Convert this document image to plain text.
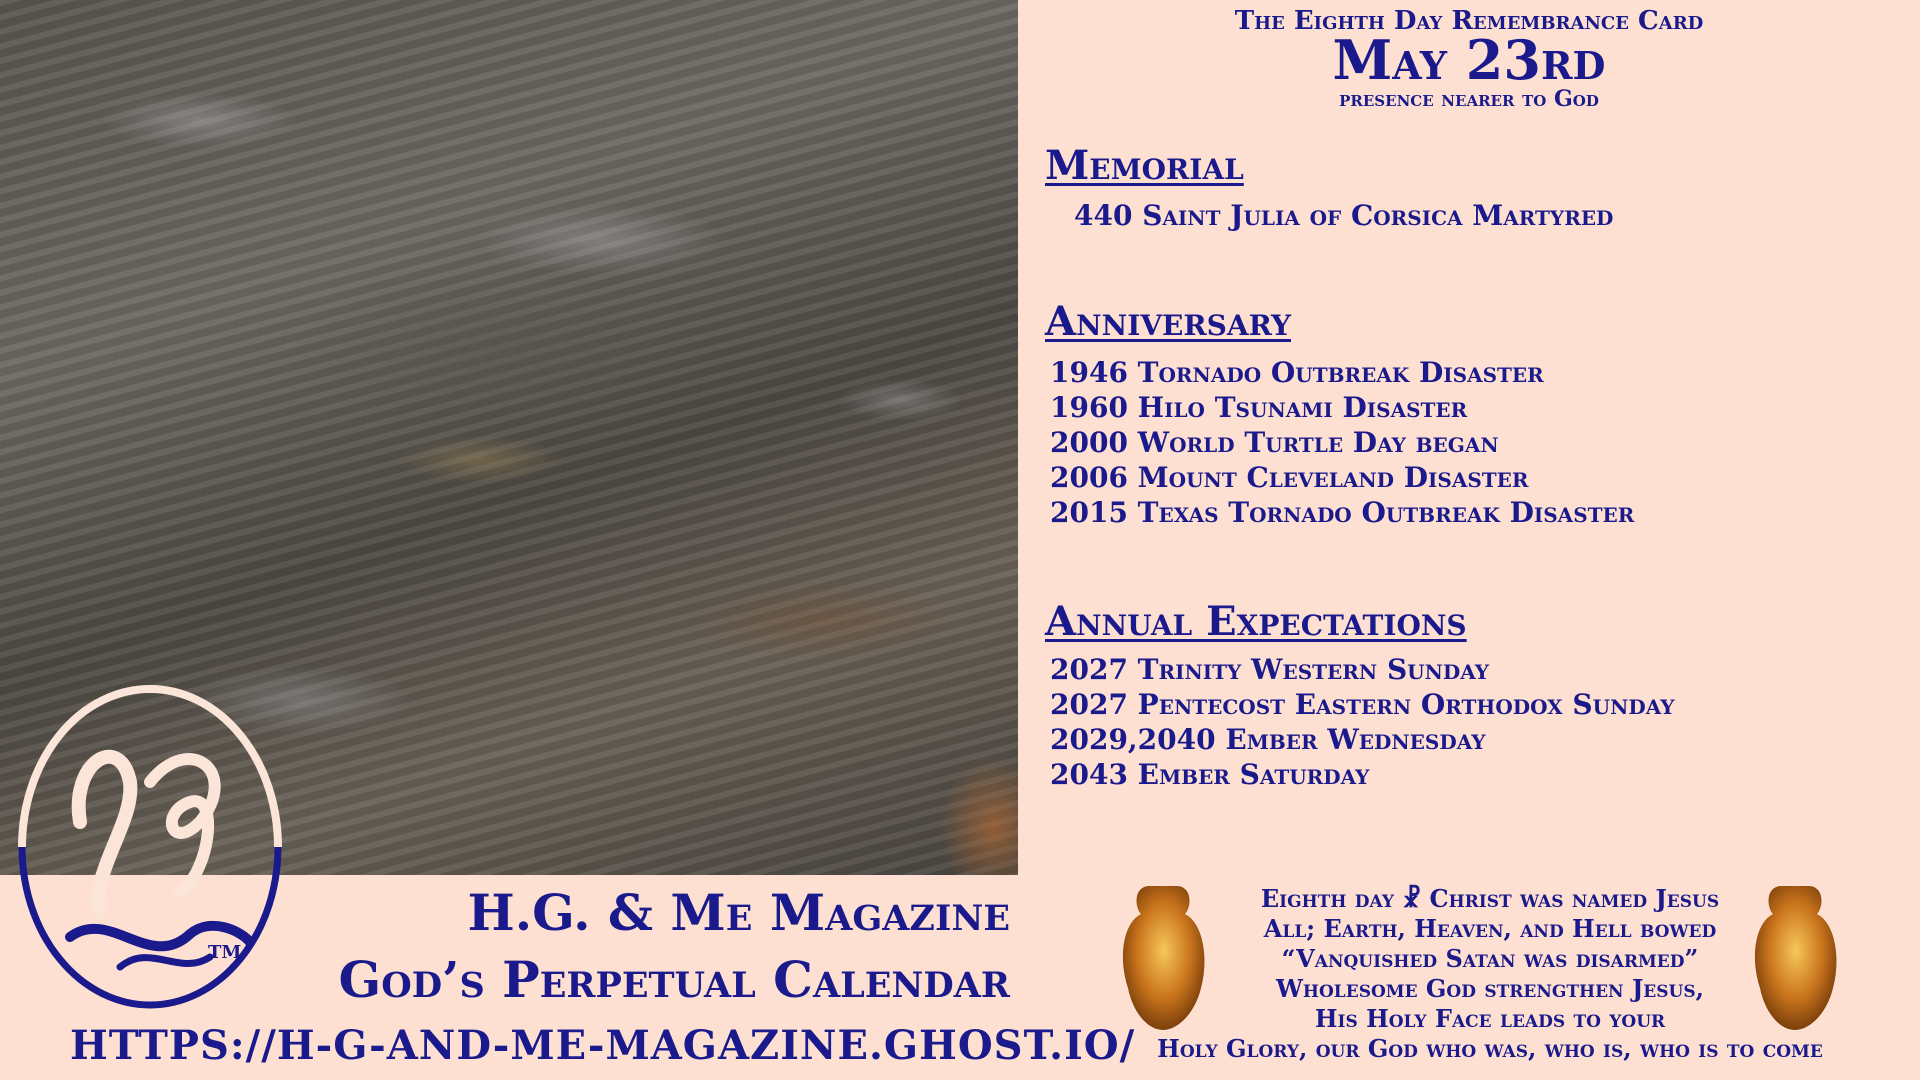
The Eighth Day Remembrance Card
May 23rd
presence nearer to God
Memorial
440 Saint Julia of Corsica Martyred
Anniversary
1946 Tornado Outbreak Disaster
1960 Hilo Tsunami Disaster
2000 World Turtle Day began
2006 Mount Cleveland Disaster
2015 Texas Tornado Outbreak Disaster
Annual Expectations
2027 Trinity Western Sunday
2027 Pentecost Eastern Orthodox Sunday
2029,2040 Ember Wednesday
2043 Ember Saturday
TM
H.G. & Me Magazine
God’s Perpetual Calendar
HTTPS://H-G-AND-ME-MAGAZINE.GHOST.IO/
Eighth day ☧ Christ was named Jesus
All; Earth, Heaven, and Hell bowed
“Vanquished Satan was disarmed”
Wholesome God strengthen Jesus,
His Holy Face leads to your
Holy Glory, our God who was, who is, who is to come
